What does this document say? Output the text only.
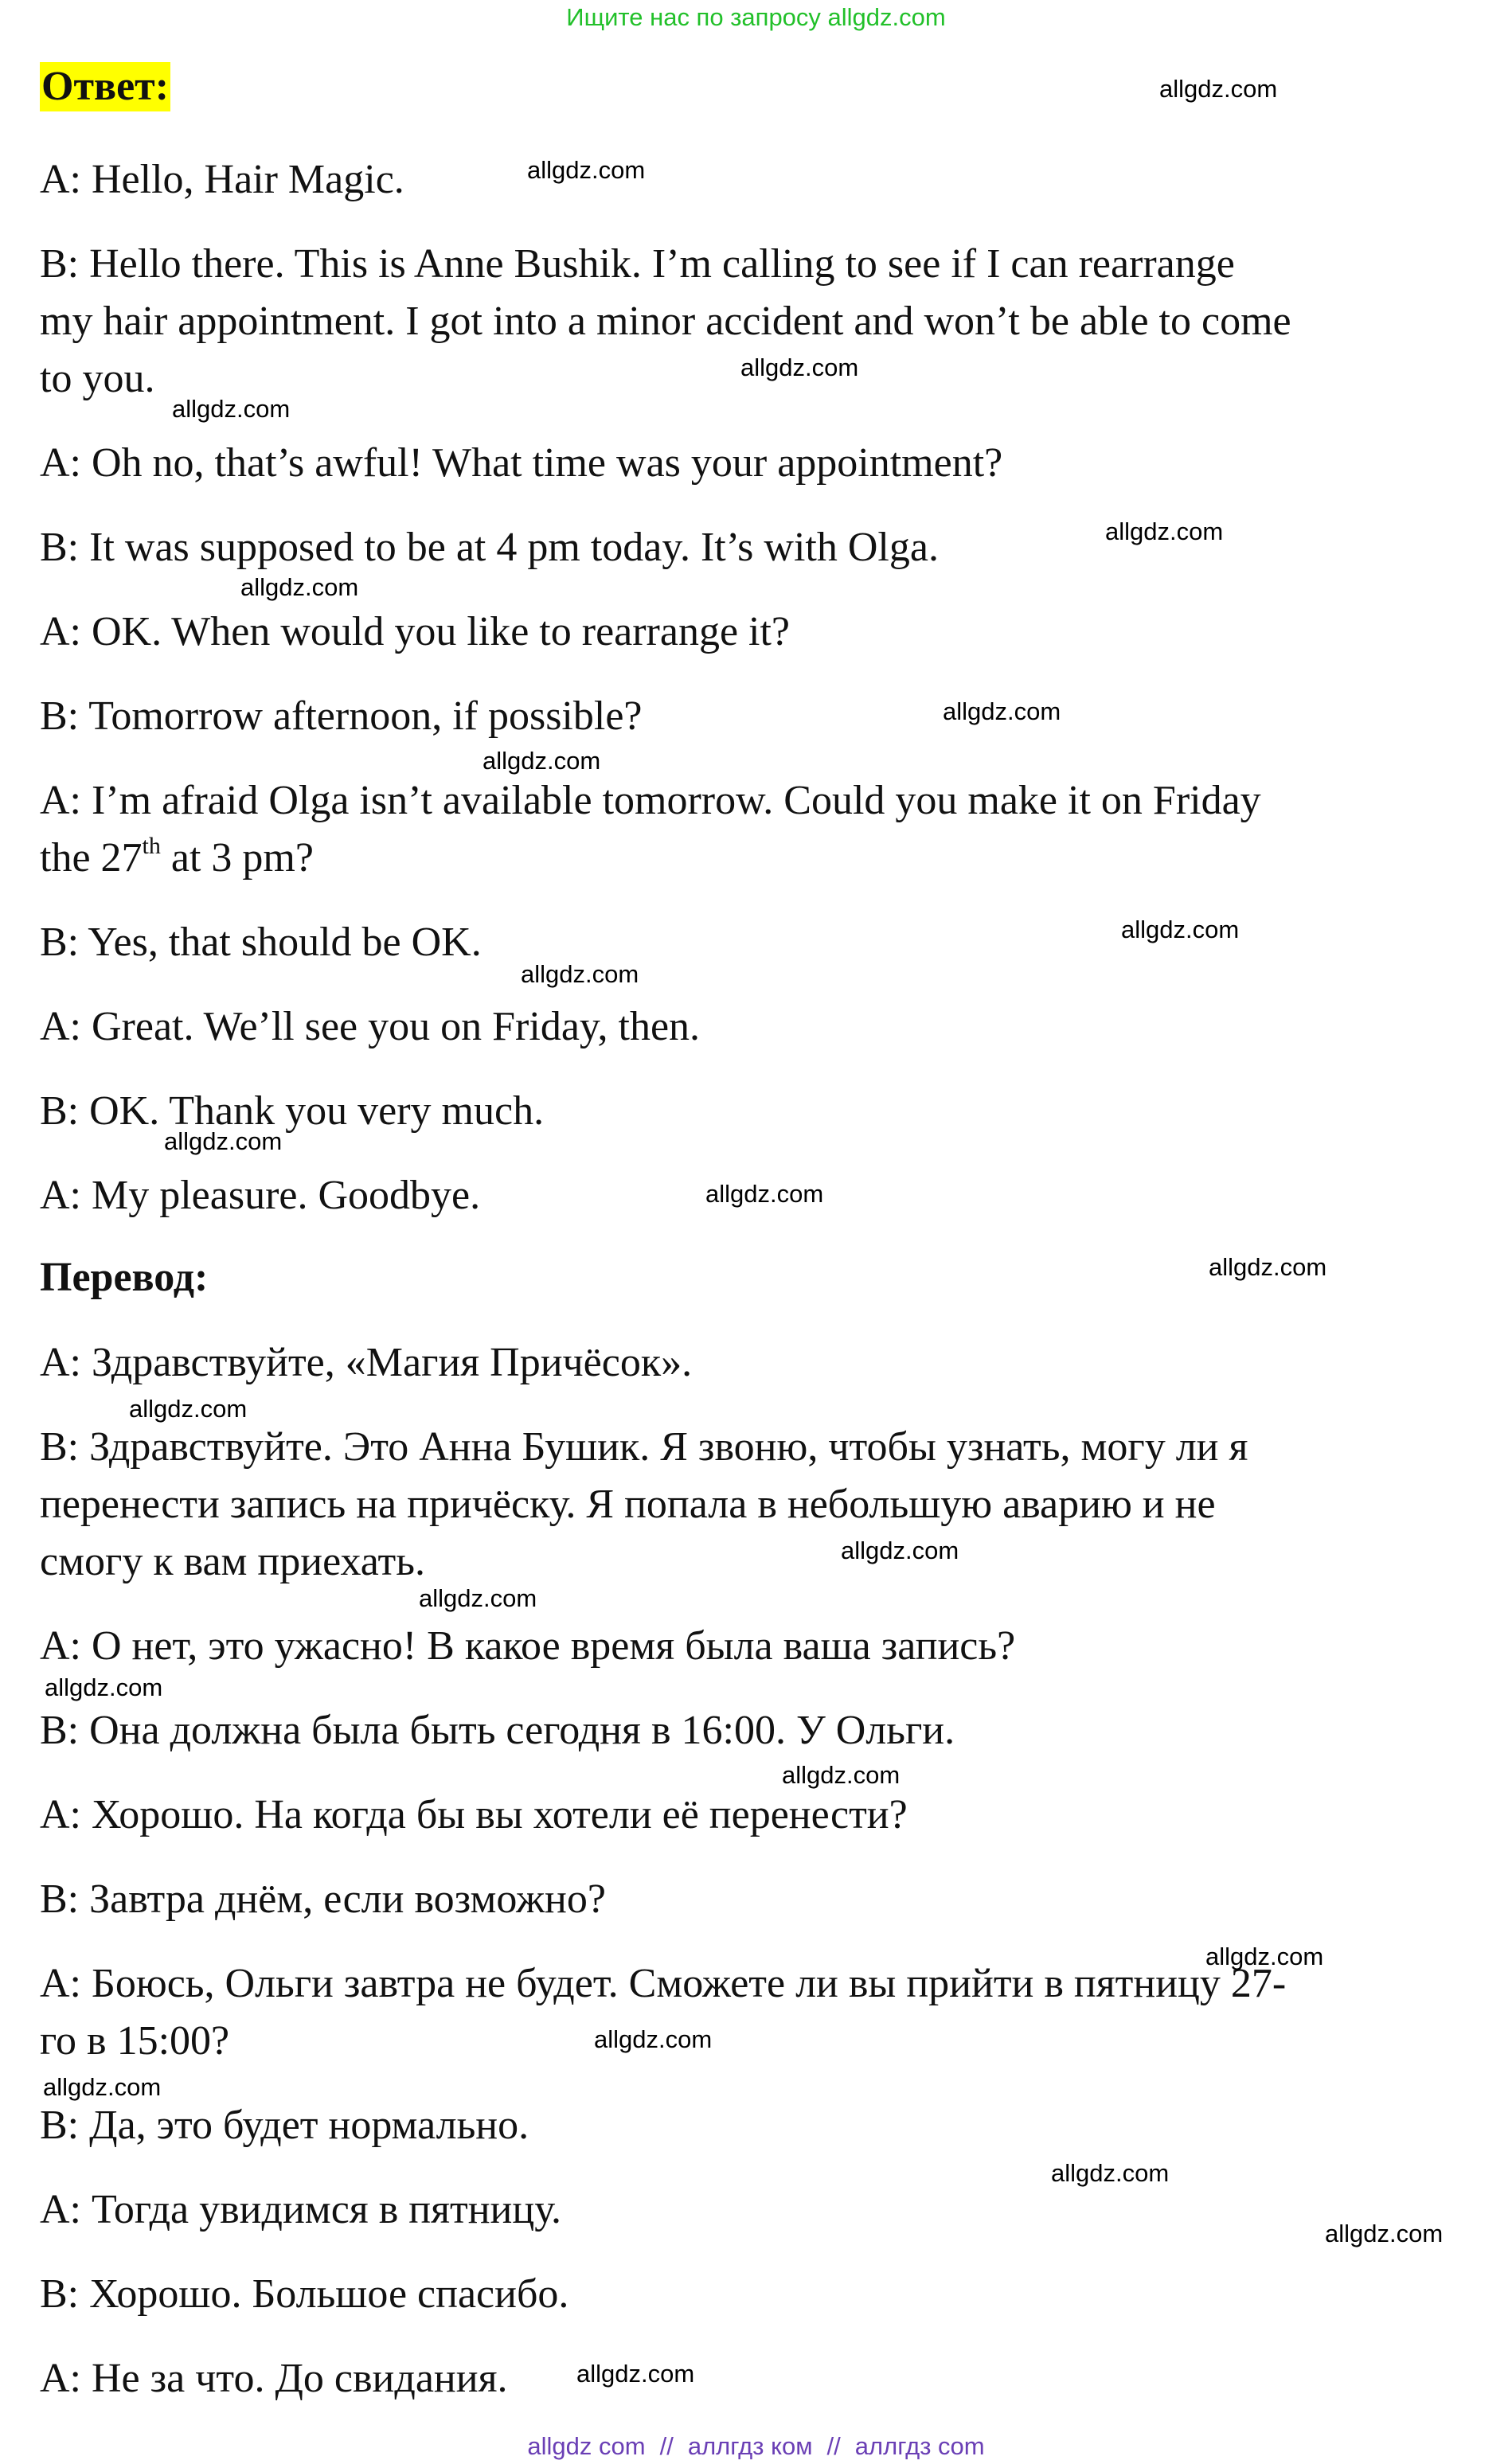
Ищите нас по запросу allgdz.com
Ответ:
A: Hello, Hair Magic.
B: Hello there. This is Anne Bushik. I’m calling to see if I can rearrange
my hair appointment. I got into a minor accident and won’t be able to come
to you.
A: Oh no, that’s awful! What time was your appointment?
B: It was supposed to be at 4 pm today. It’s with Olga.
A: OK. When would you like to rearrange it?
B: Tomorrow afternoon, if possible?
A: I’m afraid Olga isn’t available tomorrow. Could you make it on Friday
the 27th at 3 pm?
B: Yes, that should be OK.
A: Great. We’ll see you on Friday, then.
B: OK. Thank you very much.
A: My pleasure. Goodbye.
Перевод:
А: Здравствуйте, «Магия Причёсок».
В: Здравствуйте. Это Анна Бушик. Я звоню, чтобы узнать, могу ли я
перенести запись на причёску. Я попала в небольшую аварию и не
смогу к вам приехать.
А: О нет, это ужасно! В какое время была ваша запись?
В: Она должна была быть сегодня в 16:00. У Ольги.
А: Хорошо. На когда бы вы хотели её перенести?
В: Завтра днём, если возможно?
А: Боюсь, Ольги завтра не будет. Сможете ли вы прийти в пятницу 27-
го в 15:00?
В: Да, это будет нормально.
А: Тогда увидимся в пятницу.
В: Хорошо. Большое спасибо.
А: Не за что. До свидания.
allgdz.com
allgdz.com
allgdz.com
allgdz.com
allgdz.com
allgdz.com
allgdz.com
allgdz.com
allgdz.com
allgdz.com
allgdz.com
allgdz.com
allgdz.com
allgdz.com
allgdz.com
allgdz.com
allgdz.com
allgdz.com
allgdz.com
allgdz.com
allgdz.com
allgdz.com
allgdz.com
allgdz.com
allgdz com // аллгдз ком // аллгдз com
